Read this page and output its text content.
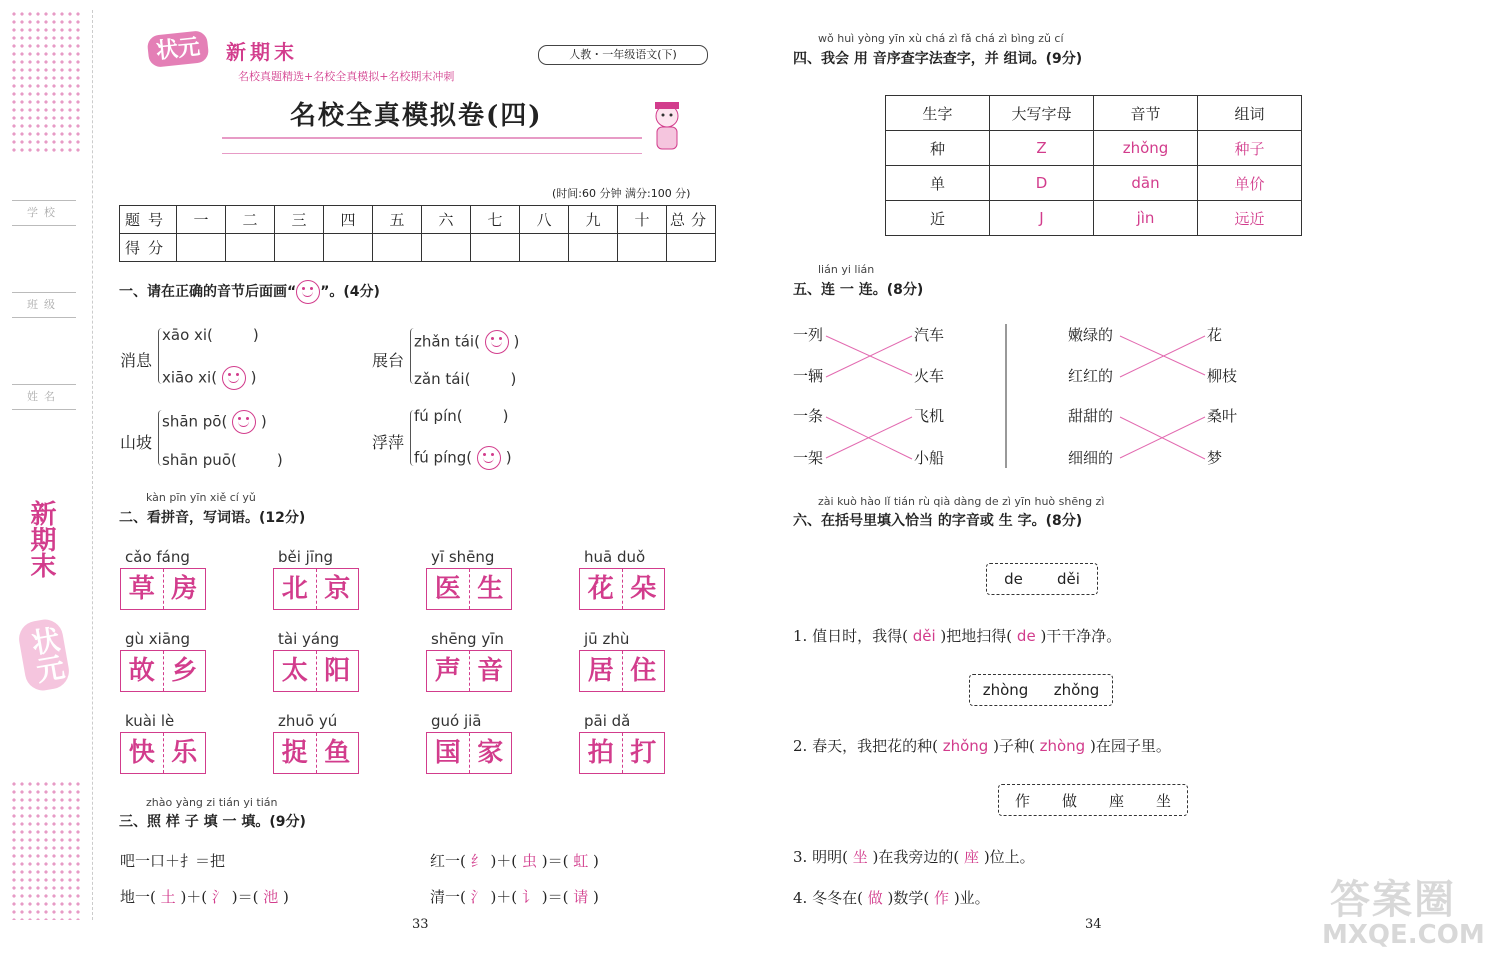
学校
班级
姓名
新期末
状元
状元	新期末	人教・一年级语文(下)
名校真题精选+名校全真模拟+名校期末冲刺
名校全真模拟卷(四)
(时间:60 分钟 满分:100 分)
题号	一	二	三	四	五	六	七	八	九	十	总分
得分											
一、请在正确的音节后面画“ ”。(4分)
消息
xāo xi(	)
xiāo xi( )
展台
zhǎn tái( )
zǎn tái(	)
山坡
shān pō( )
shān puō(	)
浮萍
fú pín(	)
fú píng( )
kàn pīn yīn xiě cí yǔ
二、看拼音，写词语。(12分)
cǎo fáng
草 房
běi jīng
北 京
yī shēng
医 生
huā duǒ
花 朵
gù xiāng
故 乡
tài yáng
太 阳
shēng yīn
声 音
jū zhù
居 住
kuài lè
快 乐
zhuō yú
捉 鱼
guó jiā
国 家
pāi dǎ
拍 打
zhào yàng zi tián yi tián
三、照 样 子 填 一 填。(9分)
吧一口＋扌＝把
地一( 土 )＋( 氵 )＝( 池 )
红一( 纟 )＋( 虫 )＝( 虹 )
清一( 氵 )＋( 讠 )＝( 请 )
33
wǒ huì yòng yīn xù chá zì fǎ chá zì bìng zǔ cí
四、我会 用 音序查字法查字，并 组词。(9分)
生字	大写字母	音节	组词
种	Z	zhǒng	种子
单	D	dān	单价
近	J	jìn	远近
lián yi lián
五、连 一 连。(8分)
一列
一辆
一条
一架
汽车
火车
飞机
小船
嫩绿的
红红的
甜甜的
细细的
花
柳枝
桑叶
梦
zài kuò hào lǐ tián rù qià dàng de zì yīn huò shēng zì
六、在括号里填入恰当 的字音或 生 字。(8分)
de děi
1. 值日时，我得( děi )把地扫得( de )干干净净。
zhòng zhǒng
2. 春天，我把花的种( zhǒng )子种( zhòng )在园子里。
作 做 座 坐
3. 明明( 坐 )在我旁边的( 座 )位上。
4. 冬冬在( 做 )数学( 作 )业。
34
答案圈
MXQE.COM
